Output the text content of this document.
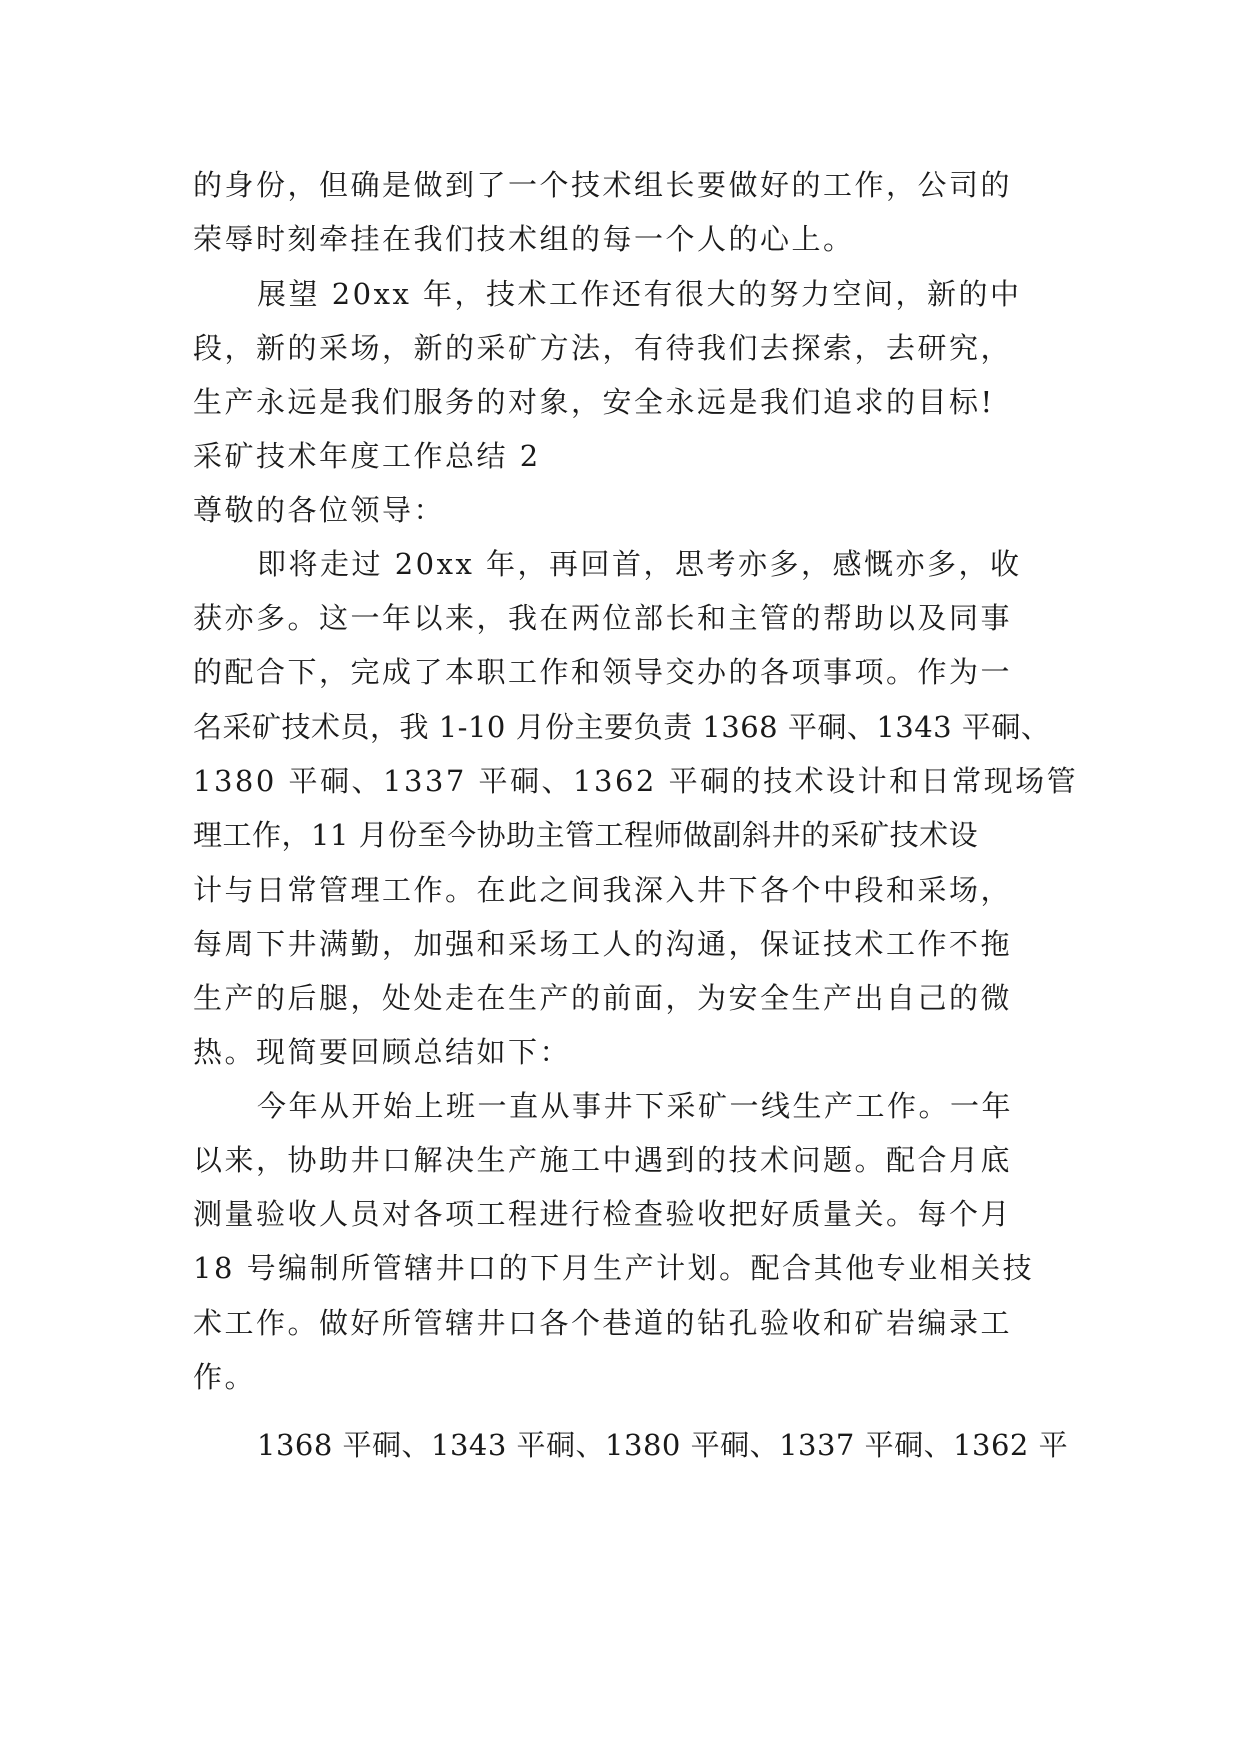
的身份，但确是做到了一个技术组长要做好的工作，公司的
荣辱时刻牵挂在我们技术组的每一个人的心上。
展望 20xx 年，技术工作还有很大的努力空间，新的中
段，新的采场，新的采矿方法，有待我们去探索，去研究，
生产永远是我们服务的对象，安全永远是我们追求的目标!
采矿技术年度工作总结 2
尊敬的各位领导：
即将走过 20xx 年，再回首，思考亦多，感慨亦多，收
获亦多。这一年以来，我在两位部长和主管的帮助以及同事
的配合下，完成了本职工作和领导交办的各项事项。作为一
名采矿技术员，我 1-10 月份主要负责 1368 平硐、1343 平硐、
1380 平硐、1337 平硐、1362 平硐的技术设计和日常现场管
理工作，11 月份至今协助主管工程师做副斜井的采矿技术设
计与日常管理工作。在此之间我深入井下各个中段和采场，
每周下井满勤，加强和采场工人的沟通，保证技术工作不拖
生产的后腿，处处走在生产的前面，为安全生产出自己的微
热。现简要回顾总结如下：
今年从开始上班一直从事井下采矿一线生产工作。一年
以来，协助井口解决生产施工中遇到的技术问题。配合月底
测量验收人员对各项工程进行检查验收把好质量关。每个月
18 号编制所管辖井口的下月生产计划。配合其他专业相关技
术工作。做好所管辖井口各个巷道的钻孔验收和矿岩编录工
作。
1368 平硐、1343 平硐、1380 平硐、1337 平硐、1362 平
